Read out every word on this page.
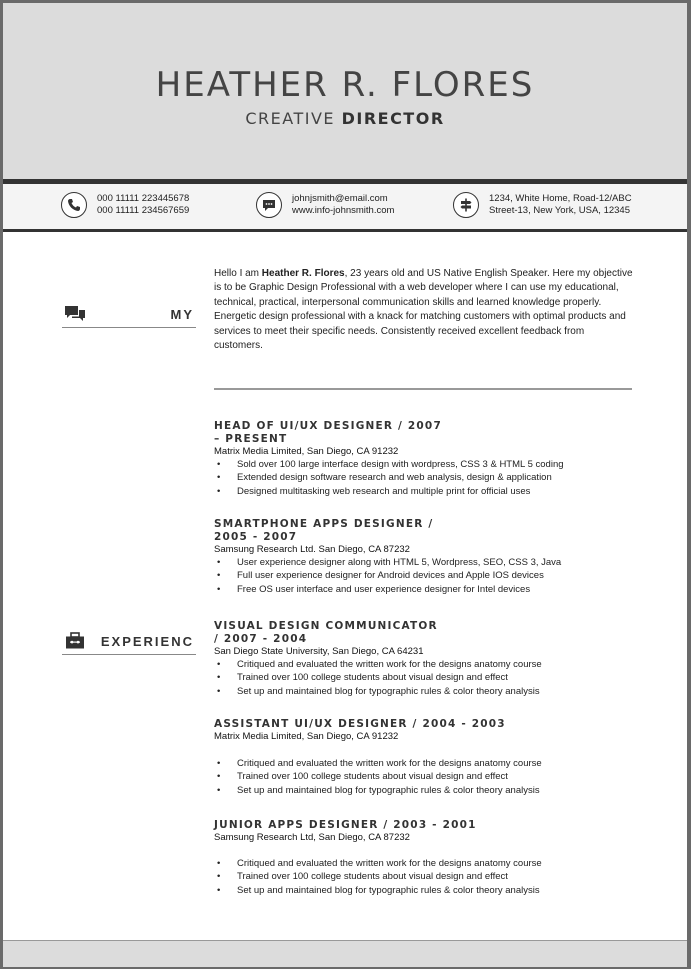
HEATHER R. FLORES
CREATIVE DIRECTOR
000 11111 223445678
000 11111 234567659
johnjsmith@email.com
www.info-johnsmith.com
1234, White Home, Road-12/ABC
Street-13, New York, USA, 12345
MY
Hello I am Heather R. Flores, 23 years old and US Native English Speaker. Here my objective is to be Graphic Design Professional with a web developer where I can use my educational, technical, practical, interpersonal communication skills and learned knowledge properly. Energetic design professional with a knack for matching customers with optimal products and services to meet their specific needs. Consistently received excellent feedback from customers.
EXPERIENC
HEAD OF UI/UX DESIGNER / 2007 – PRESENT
Matrix Media Limited, San Diego, CA 91232
• Sold over 100 large interface design with wordpress, CSS 3 & HTML 5 coding
• Extended design software research and web analysis, design & application
• Designed multitasking web research and multiple print for official uses
SMARTPHONE APPS DESIGNER / 2005 - 2007
Samsung Research Ltd. San Diego, CA 87232
• User experience designer along with HTML 5, Wordpress, SEO, CSS 3, Java
• Full user experience designer for Android devices and Apple IOS devices
• Free OS user interface and user experience designer for Intel devices
VISUAL DESIGN COMMUNICATOR / 2007 - 2004
San Diego State University, San Diego, CA 64231
• Critiqued and evaluated the written work for the designs anatomy course
• Trained over 100 college students about visual design and effect
• Set up and maintained blog for typographic rules & color theory analysis
ASSISTANT UI/UX DESIGNER / 2004 - 2003
Matrix Media Limited, San Diego, CA 91232
• Critiqued and evaluated the written work for the designs anatomy course
• Trained over 100 college students about visual design and effect
• Set up and maintained blog for typographic rules & color theory analysis
JUNIOR APPS DESIGNER / 2003 - 2001
Samsung Research Ltd, San Diego, CA 87232
• Critiqued and evaluated the written work for the designs anatomy course
• Trained over 100 college students about visual design and effect
• Set up and maintained blog for typographic rules & color theory analysis
